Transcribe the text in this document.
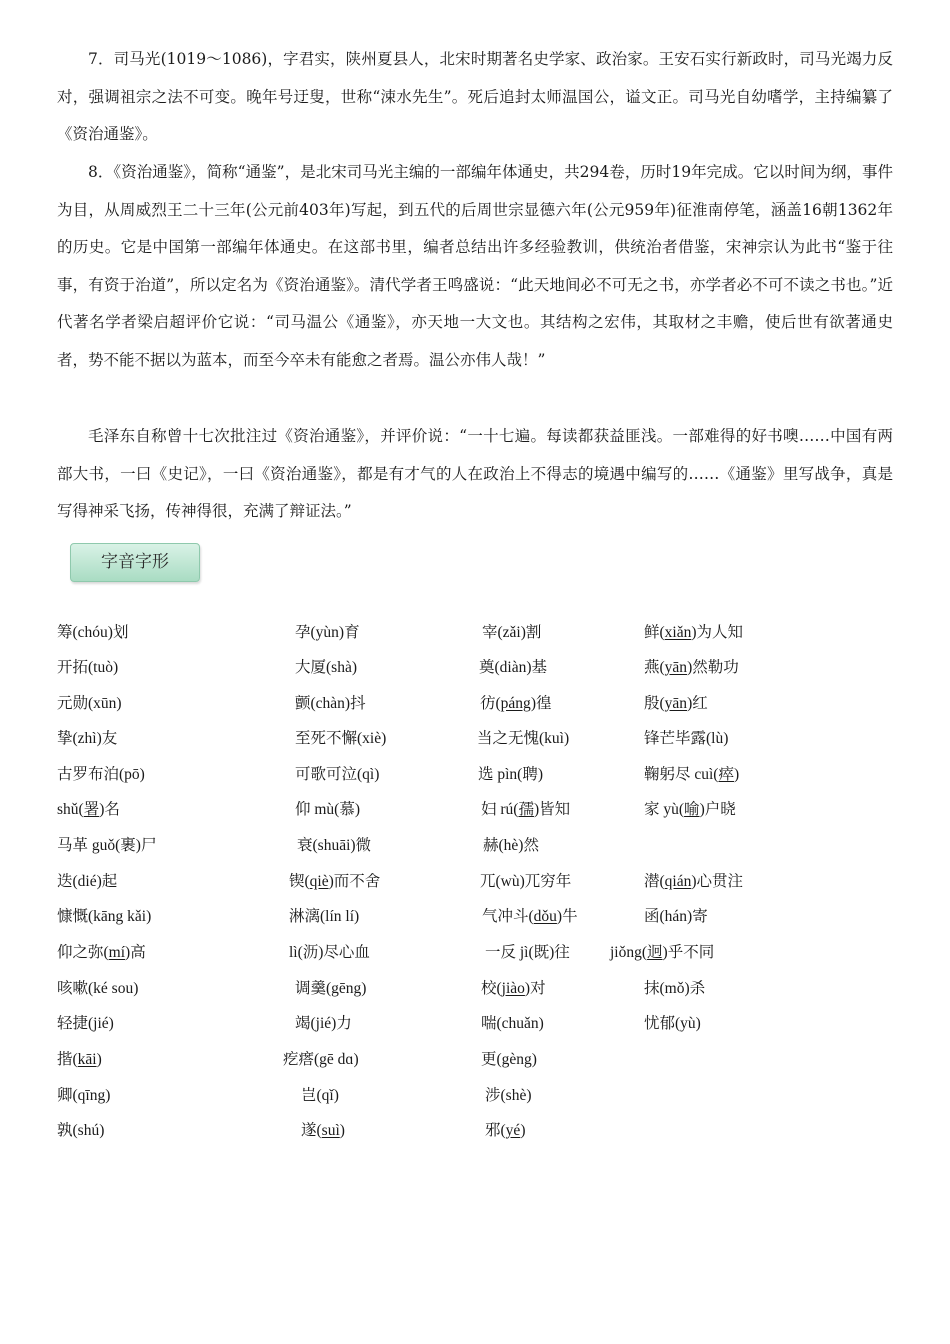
7．司马光(1019～1086)，字君实，陕州夏县人，北宋时期著名史学家、政治家。王安石实行新政时，司马光竭力反对，强调祖宗之法不可变。晚年号迂叟，世称“涑水先生”。死后追封太师温国公，谥文正。司马光自幼嗜学，主持编纂了《资治通鉴》。

8．《资治通鉴》，简称“通鉴”，是北宋司马光主编的一部编年体通史，共294卷，历时19年完成。它以时间为纲，事件为目，从周威烈王二十三年(公元前403年)写起，到五代的后周世宗显德六年(公元959年)征淮南停笔，涵盖16朝1362年的历史。它是中国第一部编年体通史。在这部书里，编者总结出许多经验教训，供统治者借鉴，宋神宗认为此书“鉴于往事，有资于治道”，所以定名为《资治通鉴》。清代学者王鸣盛说：“此天地间必不可无之书，亦学者必不可不读之书也。”近代著名学者梁启超评价它说：“司马温公《通鉴》，亦天地一大文也。其结构之宏伟，其取材之丰赡，使后世有欲著通史者，势不能不据以为蓝本，而至今卒未有能愈之者焉。温公亦伟人哉！”

毛泽东自称曾十七次批注过《资治通鉴》，并评价说：“一十七遍。每读都获益匪浅。一部难得的好书噢……中国有两部大书，一曰《史记》，一曰《资治通鉴》，都是有才气的人在政治上不得志的境遇中编写的……《通鉴》里写战争，真是写得神采飞扬，传神得很，充满了辩证法。”

字音字形
筹(chóu)划	孕(yùn)育	宰(zǎi)割	鲜(xiǎn)为人知
开拓(tuò)	大厦(shà)	奠(diàn)基	燕(yān)然勒功
元勋(xūn)	颤(chàn)抖	彷(páng)徨	殷(yān)红
挚(zhì)友	至死不懈(xiè)	当之无愧(kuì)	锋芒毕露(lù)
古罗布泊(pō)	可歌可泣(qì)	选 pìn(聘)	鞠躬尽 cuì(瘁)
shǔ(署)名	仰 mù(慕)	妇 rú(孺)皆知	家 yù(喻)户晓
马革 guǒ(裹)尸	衰(shuāi)微	赫(hè)然
迭(dié)起	锲(qiè)而不舍	兀(wù)兀穷年	潜(qián)心贯注
慷慨(kāng kǎi)	淋漓(lín lí)	气冲斗(dǒu)牛	函(hán)寄
仰之弥(mí)高	lì(沥)尽心血	一反 jì(既)往	jiǒng(迥)乎不同
咳嗽(ké sou)	调羹(gēng)	校(jiào)对	抹(mǒ)杀
轻捷(jié)	竭(jié)力	喘(chuǎn)	忧郁(yù)
揩(kāi)	疙瘩(gē dɑ)	更(gèng)
卿(qīng)	岂(qǐ)	涉(shè)
孰(shú)	遂(suì)	邪(yé)
